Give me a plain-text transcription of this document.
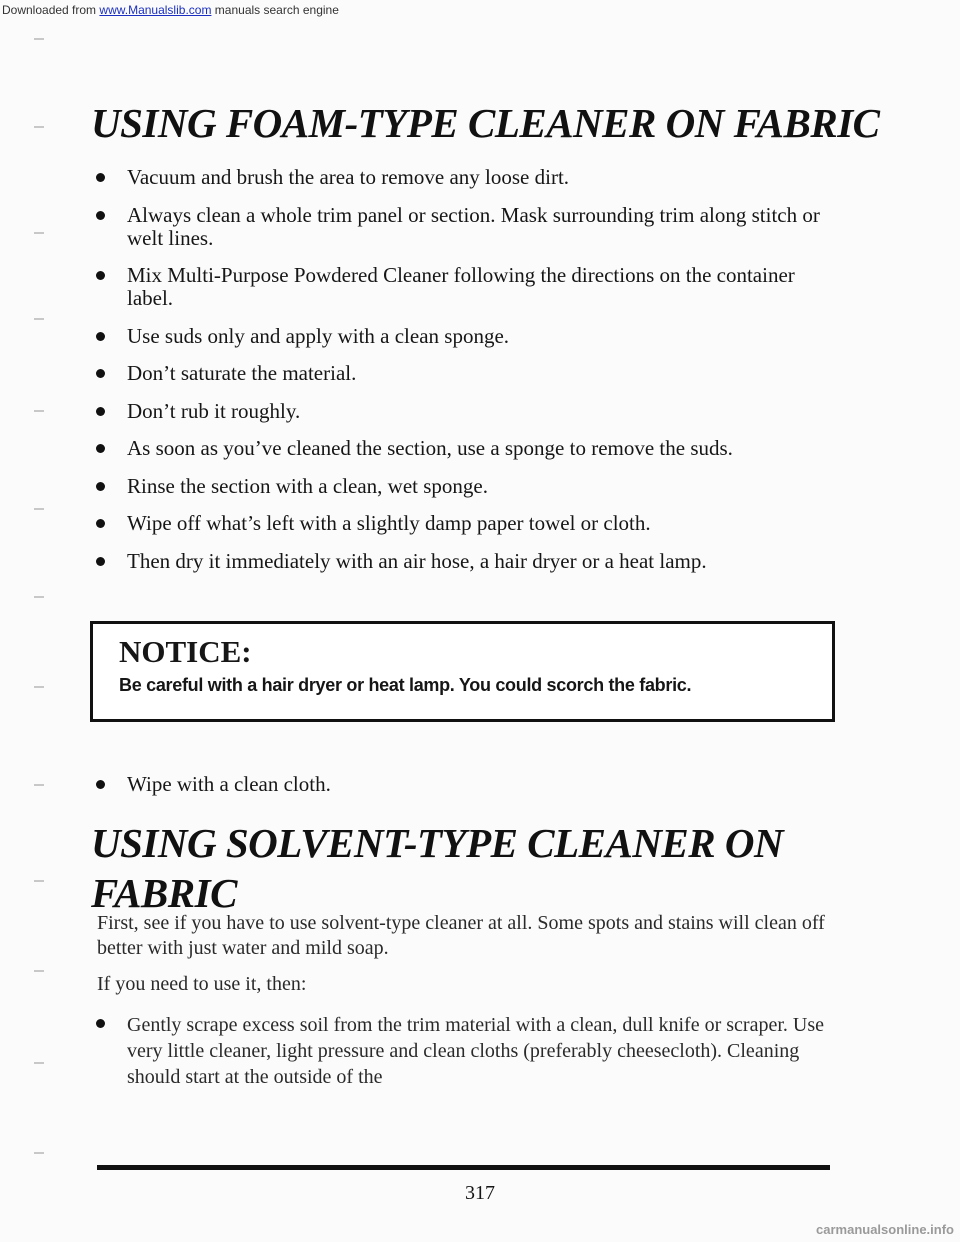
Downloaded from www.Manualslib.com manuals search engine
USING FOAM-TYPE CLEANER ON FABRIC
Vacuum and brush the area to remove any loose dirt.
Always clean a whole trim panel or section. Mask surrounding trim along stitch or welt lines.
Mix Multi-Purpose Powdered Cleaner following the directions on the container label.
Use suds only and apply with a clean sponge.
Don’t saturate the material.
Don’t rub it roughly.
As soon as you’ve cleaned the section, use a sponge to remove the suds.
Rinse the section with a clean, wet sponge.
Wipe off what’s left with a slightly damp paper towel or cloth.
Then dry it immediately with an air hose, a hair dryer or a heat lamp.

NOTICE:

Be careful with a hair dryer or heat lamp. You could scorch the fabric.

Wipe with a clean cloth.
USING SOLVENT-TYPE CLEANER ON FABRIC

First, see if you have to use solvent-type cleaner at all. Some spots and stains will clean off better with just water and mild soap.

If you need to use it, then:

Gently scrape excess soil from the trim material with a clean, dull knife or scraper. Use very little cleaner, light pressure and clean cloths (preferably cheesecloth). Cleaning should start at the outside of the

317

carmanualsonline.info
